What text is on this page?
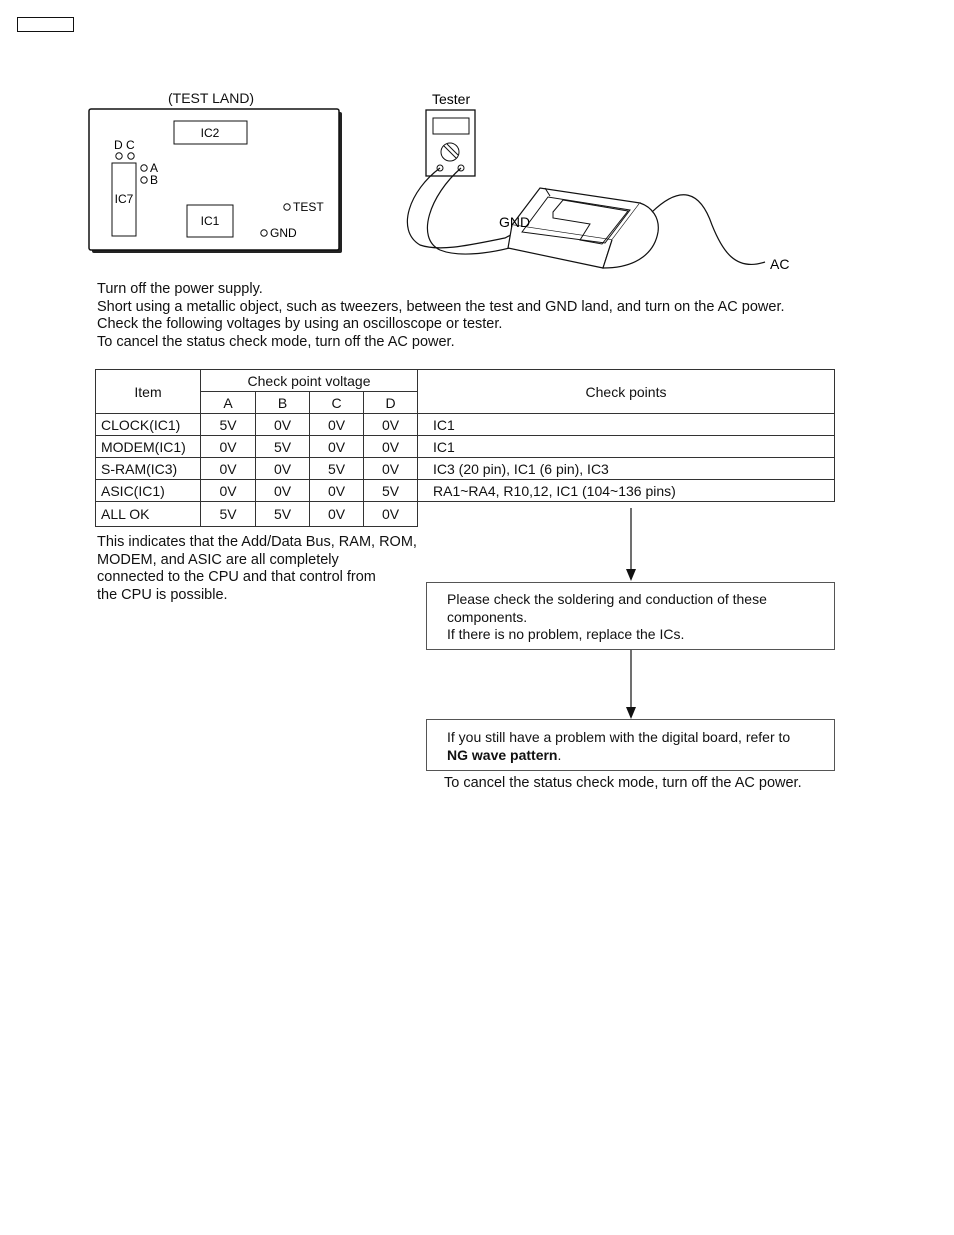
(TEST LAND)
IC2
IC7
IC1
D C
A
B
TEST
GND
Tester
GND
AC
Turn off the power supply.
Short using a metallic object, such as tweezers, between the test and GND land, and turn on the AC power.
Check the following voltages by using an oscilloscope or tester.
To cancel the status check mode, turn off the AC power.
Item	Check point voltage				Check points
	A	B	C	D	
CLOCK(IC1)	5V	0V	0V	0V	IC1
MODEM(IC1)	0V	5V	0V	0V	IC1
S-RAM(IC3)	0V	0V	5V	0V	IC3 (20 pin), IC1 (6 pin), IC3
ASIC(IC1)	0V	0V	0V	5V	RA1~RA4, R10,12, IC1 (104~136 pins)
ALL OK	5V	5V	0V	0V	
This indicates that the Add/Data Bus, RAM, ROM,
MODEM, and ASIC are all completely
connected to the CPU and that control from
the CPU is possible.	Please check the soldering and conduction of these
components.
If there is no problem, replace the ICs.
If you still have a problem with the digital board, refer to
NG wave pattern.
To cancel the status check mode, turn off the AC power.
